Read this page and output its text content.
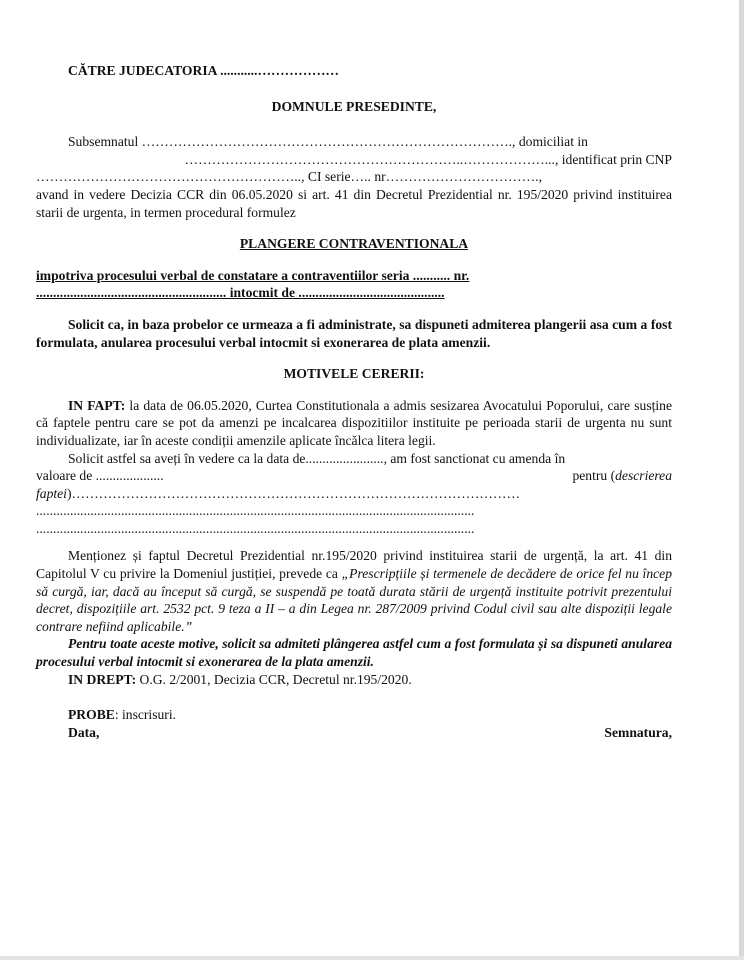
CĂTRE JUDECATORIA ...........………………

DOMNULE PRESEDINTE,

Subsemnatul ………………………………………………………………………., domiciliat in

……………………………………………………..………………..., identificat prin CNP

………………………………………………….., CI serie….. nr…………………………….,

avand in vedere Decizia CCR din 06.05.2020 si art. 41 din Decretul Prezidential nr. 195/2020 privind instituirea starii de urgenta, in termen procedural formulez

PLANGERE CONTRAVENTIONALA

impotriva procesului verbal de constatare a contraventiilor seria ........... nr.

........................................................ intocmit de ...........................................

Solicit ca, in baza probelor ce urmeaza a fi administrate, sa dispuneti admiterea plangerii asa cum a fost formulata, anularea procesului verbal intocmit si exonerarea de plata amenzii.

MOTIVELE CERERII:

IN FAPT: la data de 06.05.2020, Curtea Constitutionala a admis sesizarea Avocatului Poporului, care susține că faptele pentru care se pot da amenzi pe incalcarea dispozitiilor instituite pe perioada starii de urgenta nu sunt individualizate, iar în aceste condiții amenzile aplicate încălca litera legii.

Solicit astfel sa aveți în vedere ca la data de......................., am fost sanctionat cu amenda în

valoare de ....................	pentru (descrierea

faptei)………………………………………………………………………………………

.................................................................................................................................

.................................................................................................................................

Menționez și faptul Decretul Prezidential nr.195/2020 privind instituirea starii de urgență, la art. 41 din Capitolul V cu privire la Domeniul justiției, prevede ca „Prescripțiile și termenele de decădere de orice fel nu încep să curgă, iar, dacă au început să curgă, se suspendă pe toată durata stării de urgență instituite potrivit prezentului decret, dispozițiile art. 2532 pct. 9 teza a II – a din Legea nr. 287/2009 privind Codul civil sau alte dispoziții legale contrare nefiind aplicabile.”

Pentru toate aceste motive, solicit sa admiteti plângerea astfel cum a fost formulata și sa dispuneti anularea procesului verbal intocmit si exonerarea de la plata amenzii.

IN DREPT: O.G. 2/2001, Decizia CCR, Decretul nr.195/2020.

PROBE: inscrisuri.

Data,	Semnatura,
